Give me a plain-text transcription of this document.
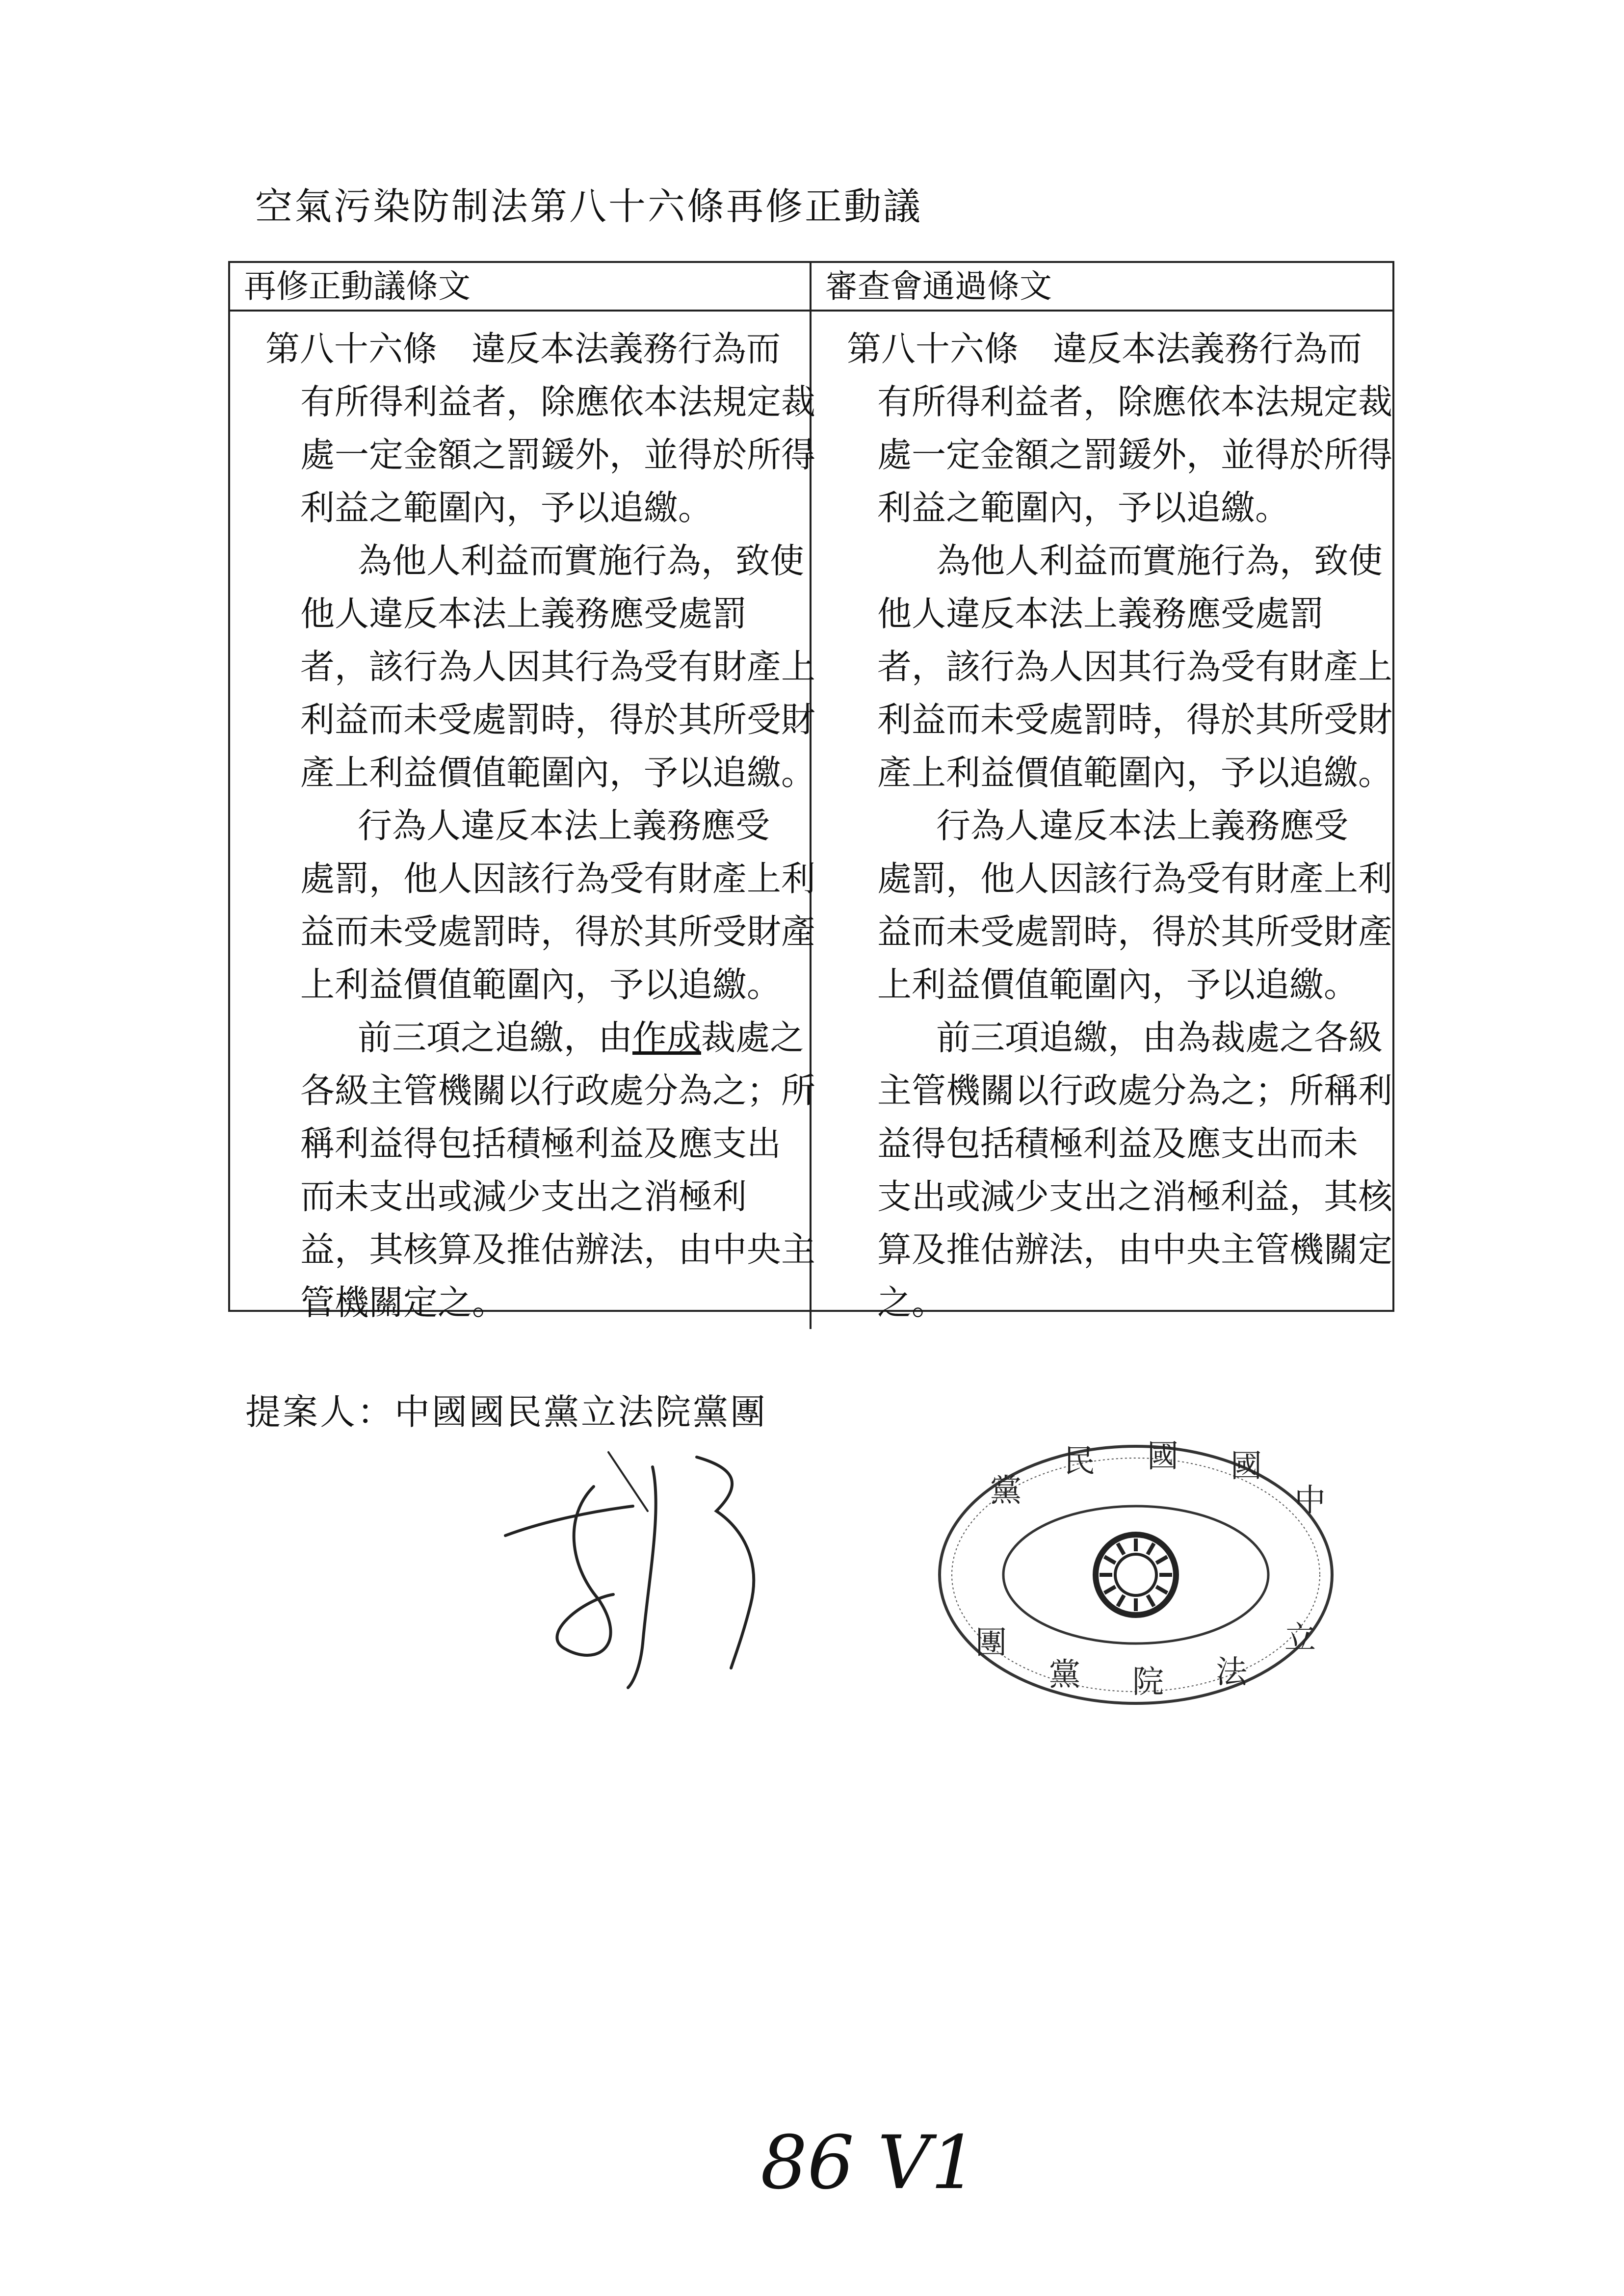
空氣污染防制法第八十六條再修正動議
再修正動議條文	審查會通過條文
第八十六條　違反本法義務行為而
有所得利益者，除應依本法規定裁
處一定金額之罰鍰外，並得於所得
利益之範圍內，予以追繳。
為他人利益而實施行為，致使
他人違反本法上義務應受處罰
者，該行為人因其行為受有財產上
利益而未受處罰時，得於其所受財
產上利益價值範圍內，予以追繳。
行為人違反本法上義務應受
處罰，他人因該行為受有財產上利
益而未受處罰時，得於其所受財產
上利益價值範圍內，予以追繳。
前三項之追繳，由作成裁處之
各級主管機關以行政處分為之；所
稱利益得包括積極利益及應支出
而未支出或減少支出之消極利
益，其核算及推估辦法，由中央主
管機關定之。
第八十六條　違反本法義務行為而
有所得利益者，除應依本法規定裁
處一定金額之罰鍰外，並得於所得
利益之範圍內，予以追繳。
為他人利益而實施行為，致使
他人違反本法上義務應受處罰
者，該行為人因其行為受有財產上
利益而未受處罰時，得於其所受財
產上利益價值範圍內，予以追繳。
行為人違反本法上義務應受
處罰，他人因該行為受有財產上利
益而未受處罰時，得於其所受財產
上利益價值範圍內，予以追繳。
前三項追繳，由為裁處之各級
主管機關以行政處分為之；所稱利
益得包括積極利益及應支出而未
支出或減少支出之消極利益，其核
算及推估辦法，由中央主管機關定
之。
提案人：中國國民黨立法院黨團
中
國
國
民
黨
立
法
院
黨
團
86 V1
